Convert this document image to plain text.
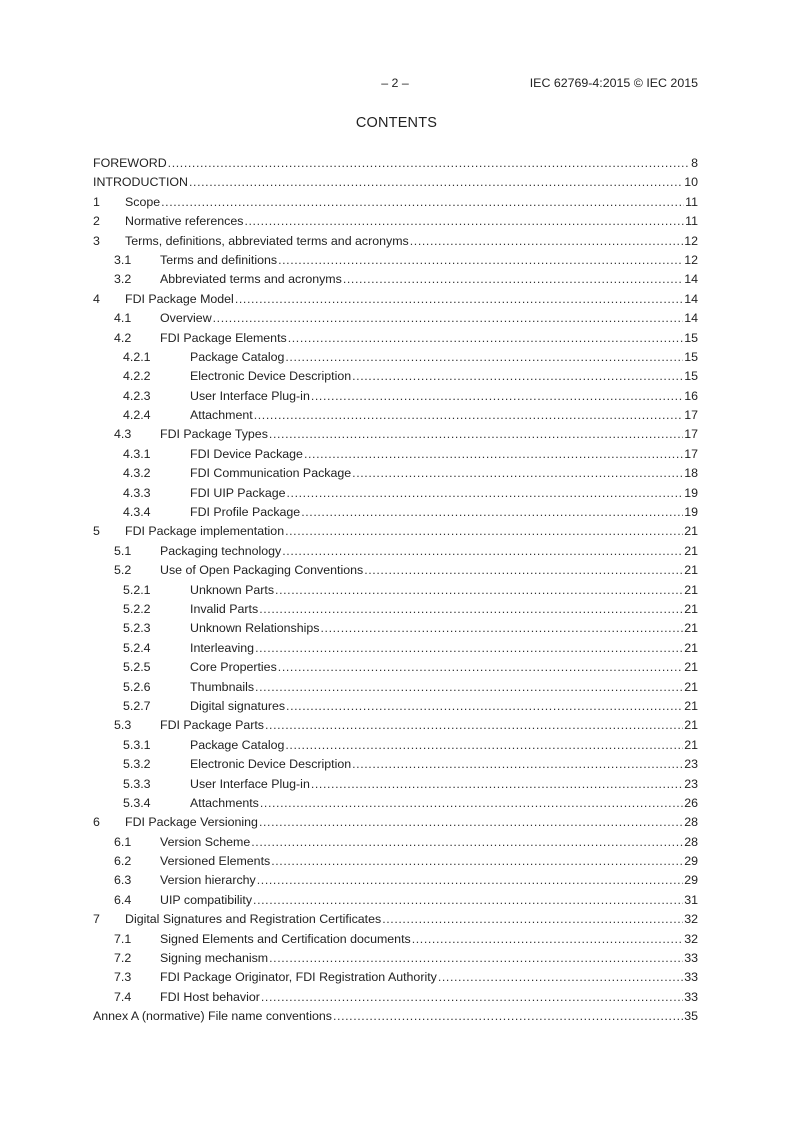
– 2 –	IEC 62769-4:2015 © IEC 2015
CONTENTS
FOREWORD .....	8
INTRODUCTION .....	10
1	Scope .....	11
2	Normative references .....	11
3	Terms, definitions, abbreviated terms and acronyms .....	12
3.1	Terms and definitions .....	12
3.2	Abbreviated terms and acronyms .....	14
4	FDI Package Model .....	14
4.1	Overview .....	14
4.2	FDI Package Elements .....	15
4.2.1	Package Catalog .....	15
4.2.2	Electronic Device Description .....	15
4.2.3	User Interface Plug-in .....	16
4.2.4	Attachment .....	17
4.3	FDI Package Types .....	17
4.3.1	FDI Device Package .....	17
4.3.2	FDI Communication Package .....	18
4.3.3	FDI UIP Package .....	19
4.3.4	FDI Profile Package .....	19
5	FDI Package implementation .....	21
5.1	Packaging technology .....	21
5.2	Use of Open Packaging Conventions .....	21
5.2.1	Unknown Parts .....	21
5.2.2	Invalid Parts .....	21
5.2.3	Unknown Relationships .....	21
5.2.4	Interleaving .....	21
5.2.5	Core Properties .....	21
5.2.6	Thumbnails .....	21
5.2.7	Digital signatures .....	21
5.3	FDI Package Parts .....	21
5.3.1	Package Catalog .....	21
5.3.2	Electronic Device Description .....	23
5.3.3	User Interface Plug-in .....	23
5.3.4	Attachments .....	26
6	FDI Package Versioning .....	28
6.1	Version Scheme .....	28
6.2	Versioned Elements .....	29
6.3	Version hierarchy .....	29
6.4	UIP compatibility .....	31
7	Digital Signatures and Registration Certificates .....	32
7.1	Signed Elements and Certification documents .....	32
7.2	Signing mechanism .....	33
7.3	FDI Package Originator, FDI Registration Authority .....	33
7.4	FDI Host behavior .....	33
Annex A (normative) File name conventions .....	35
